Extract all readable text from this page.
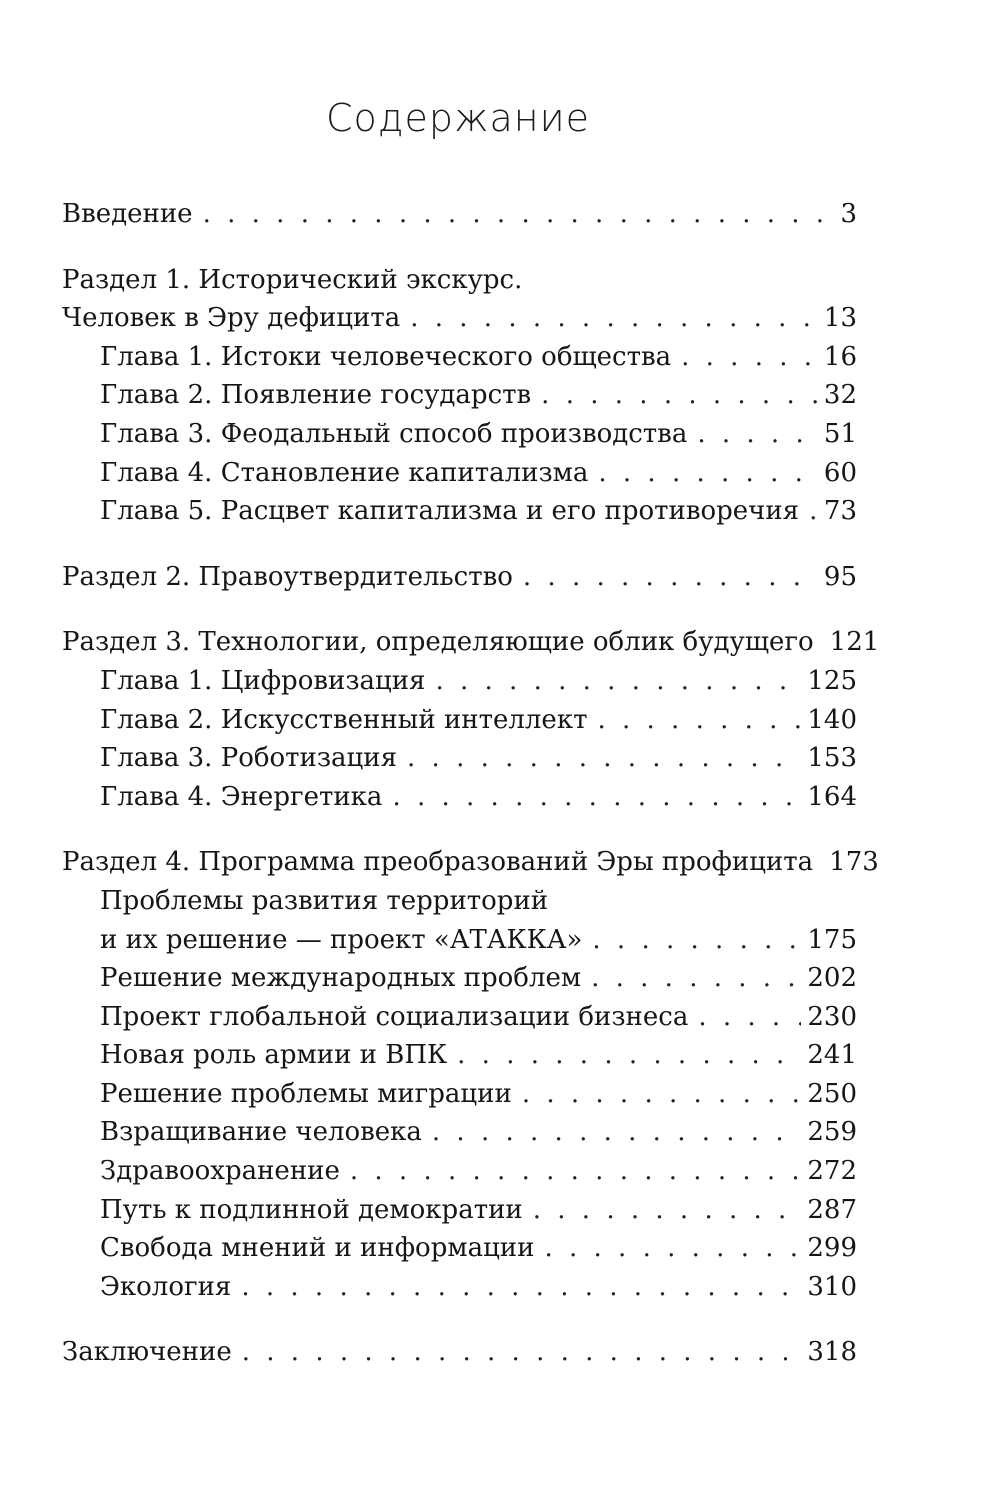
Содержание
Введение . . .	3
Раздел 1. Исторический экскурс.
Человек в Эру дефицита . . .	13
Глава 1. Истоки человеческого общества . . .	16
Глава 2. Появление государств . . .	32
Глава 3. Феодальный способ производства . . .	51
Глава 4. Становление капитализма . . .	60
Глава 5. Расцвет капитализма и его противоречия . . . 73
Раздел 2. Правоутвердительство . . .	95
Раздел 3. Технологии, определяющие облик будущего 121
Глава 1. Цифровизация . . .	125
Глава 2. Искусственный интеллект . . .	140
Глава 3. Роботизация . . .	153
Глава 4. Энергетика . . .	164
Раздел 4. Программа преобразований Эры профицита 173
Проблемы развития территорий
и их решение — проект «АТАККА» . . .	175
Решение международных проблем . . .	202
Проект глобальной социализации бизнеса . . .	230
Новая роль армии и ВПК . . .	241
Решение проблемы миграции . . .	250
Взращивание человека . . .	259
Здравоохранение . . .	272
Путь к подлинной демократии . . .	287
Свобода мнений и информации . . .	299
Экология . . .	310
Заключение . . .	318
